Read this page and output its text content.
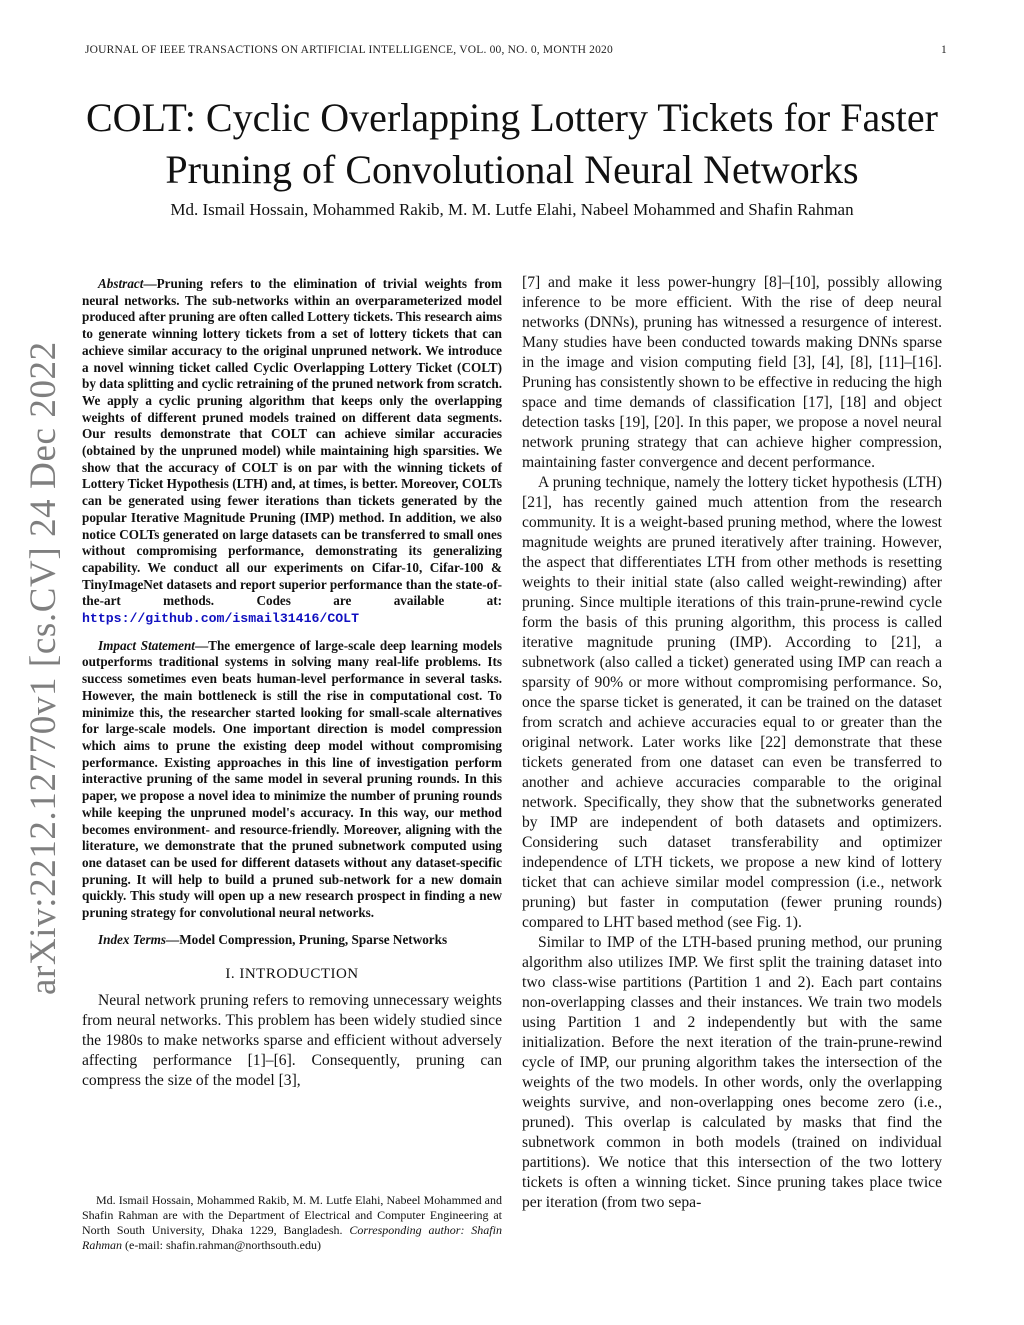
JOURNAL OF IEEE TRANSACTIONS ON ARTIFICIAL INTELLIGENCE, VOL. 00, NO. 0, MONTH 2020	1
arXiv:2212.12770v1 [cs.CV] 24 Dec 2022
COLT: Cyclic Overlapping Lottery Tickets for Faster Pruning of Convolutional Neural Networks
Md. Ismail Hossain, Mohammed Rakib, M. M. Lutfe Elahi, Nabeel Mohammed and Shafin Rahman

Abstract—Pruning refers to the elimination of trivial weights from neural networks. The sub-networks within an overparameterized model produced after pruning are often called Lottery tickets. This research aims to generate winning lottery tickets from a set of lottery tickets that can achieve similar accuracy to the original unpruned network. We introduce a novel winning ticket called Cyclic Overlapping Lottery Ticket (COLT) by data splitting and cyclic retraining of the pruned network from scratch. We apply a cyclic pruning algorithm that keeps only the overlapping weights of different pruned models trained on different data segments. Our results demonstrate that COLT can achieve similar accuracies (obtained by the unpruned model) while maintaining high sparsities. We show that the accuracy of COLT is on par with the winning tickets of Lottery Ticket Hypothesis (LTH) and, at times, is better. Moreover, COLTs can be generated using fewer iterations than tickets generated by the popular Iterative Magnitude Pruning (IMP) method. In addition, we also notice COLTs generated on large datasets can be transferred to small ones without compromising performance, demonstrating its generalizing capability. We conduct all our experiments on Cifar-10, Cifar-100 & TinyImageNet datasets and report superior performance than the state-of-the-art methods. Codes are available at: https://github.com/ismail31416/COLT

Impact Statement—The emergence of large-scale deep learning models outperforms traditional systems in solving many real-life problems. Its success sometimes even beats human-level performance in several tasks. However, the main bottleneck is still the rise in computational cost. To minimize this, the researcher started looking for small-scale alternatives for large-scale models. One important direction is model compression which aims to prune the existing deep model without compromising performance. Existing approaches in this line of investigation perform interactive pruning of the same model in several pruning rounds. In this paper, we propose a novel idea to minimize the number of pruning rounds while keeping the unpruned model's accuracy. In this way, our method becomes environment- and resource-friendly. Moreover, aligning with the literature, we demonstrate that the pruned subnetwork computed using one dataset can be used for different datasets without any dataset-specific pruning. It will help to build a pruned sub-network for a new domain quickly. This study will open up a new research prospect in finding a new pruning strategy for convolutional neural networks.

Index Terms—Model Compression, Pruning, Sparse Networks

I. INTRODUCTION

Neural network pruning refers to removing unnecessary weights from neural networks. This problem has been widely studied since the 1980s to make networks sparse and efficient without adversely affecting performance [1]–[6]. Consequently, pruning can compress the size of the model [3],

Md. Ismail Hossain, Mohammed Rakib, M. M. Lutfe Elahi, Nabeel Mohammed and Shafin Rahman are with the Department of Electrical and Computer Engineering at North South University, Dhaka 1229, Bangladesh. Corresponding author: Shafin Rahman (e-mail: shafin.rahman@northsouth.edu)

[7] and make it less power-hungry [8]–[10], possibly allowing inference to be more efficient. With the rise of deep neural networks (DNNs), pruning has witnessed a resurgence of interest. Many studies have been conducted towards making DNNs sparse in the image and vision computing field [3], [4], [8], [11]–[16]. Pruning has consistently shown to be effective in reducing the high space and time demands of classification [17], [18] and object detection tasks [19], [20]. In this paper, we propose a novel neural network pruning strategy that can achieve higher compression, maintaining faster convergence and decent performance.

A pruning technique, namely the lottery ticket hypothesis (LTH) [21], has recently gained much attention from the research community. It is a weight-based pruning method, where the lowest magnitude weights are pruned iteratively after training. However, the aspect that differentiates LTH from other methods is resetting weights to their initial state (also called weight-rewinding) after pruning. Since multiple iterations of this train-prune-rewind cycle form the basis of this pruning algorithm, this process is called iterative magnitude pruning (IMP). According to [21], a subnetwork (also called a ticket) generated using IMP can reach a sparsity of 90% or more without compromising performance. So, once the sparse ticket is generated, it can be trained on the dataset from scratch and achieve accuracies equal to or greater than the original network. Later works like [22] demonstrate that these tickets generated from one dataset can even be transferred to another and achieve accuracies comparable to the original network. Specifically, they show that the subnetworks generated by IMP are independent of both datasets and optimizers. Considering such dataset transferability and optimizer independence of LTH tickets, we propose a new kind of lottery ticket that can achieve similar model compression (i.e., network pruning) but faster in computation (fewer pruning rounds) compared to LHT based method (see Fig. 1).

Similar to IMP of the LTH-based pruning method, our pruning algorithm also utilizes IMP. We first split the training dataset into two class-wise partitions (Partition 1 and 2). Each part contains non-overlapping classes and their instances. We train two models using Partition 1 and 2 independently but with the same initialization. Before the next iteration of the train-prune-rewind cycle of IMP, our pruning algorithm takes the intersection of the weights of the two models. In other words, only the overlapping weights survive, and non-overlapping ones become zero (i.e., pruned). This overlap is calculated by masks that find the subnetwork common in both models (trained on individual partitions). We notice that this intersection of the two lottery tickets is often a winning ticket. Since pruning takes place twice per iteration (from two sepa-
